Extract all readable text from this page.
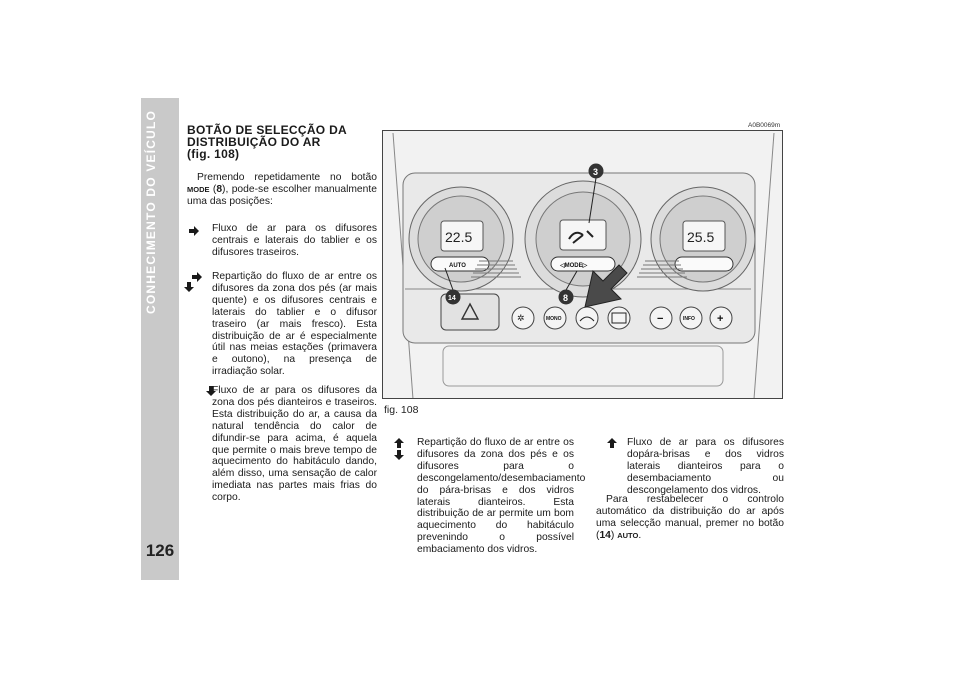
CONHECIMENTO DO VEÍCULO
126
BOTÃO DE SELECÇÃO DA
DISTRIBUIÇÃO DO AR
(fig. 108)
Premendo repetidamente no botão MODE (8), pode-se escolher manualmente uma das posições:
Fluxo de ar para os difusores centrais e laterais do tablier e os difusores traseiros.
Repartição do fluxo de ar entre os difusores da zona dos pés (ar mais quente) e os difusores centrais e laterais do tablier e o difusor traseiro (ar mais fresco). Esta distribuição de ar é especialmente útil nas meias estações (primavera e outono), na presença de irradiação solar.
Fluxo de ar para os difusores da zona dos pés dianteiros e traseiros. Esta distribuição do ar, a causa da natural tendência do calor de difundir-se para acima, é aquela que permite o mais breve tempo de aquecimento do habitáculo dando, além disso, uma sensação de calor imediata nas partes mais frias do corpo.
A0B0069m
22.5
AUTO	◁MODE▷
25.5
✲	MONO	−	INFO +
3
8
14
fig. 108
Repartição do fluxo de ar entre os difusores da zona dos pés e os difusores para o descongelamento/desembaciamento do pára-brisas e dos vidros laterais dianteiros. Esta distribuição de ar permite um bom aquecimento do habitáculo prevenindo o possível embaciamento dos vidros.
Fluxo de ar para os difusores dopára-brisas e dos vidros laterais dianteiros para o desembaciamento ou descongelamento dos vidros.
Para restabelecer o controlo automático da distribuição do ar após uma selecção manual, premer no botão (14) AUTO.
